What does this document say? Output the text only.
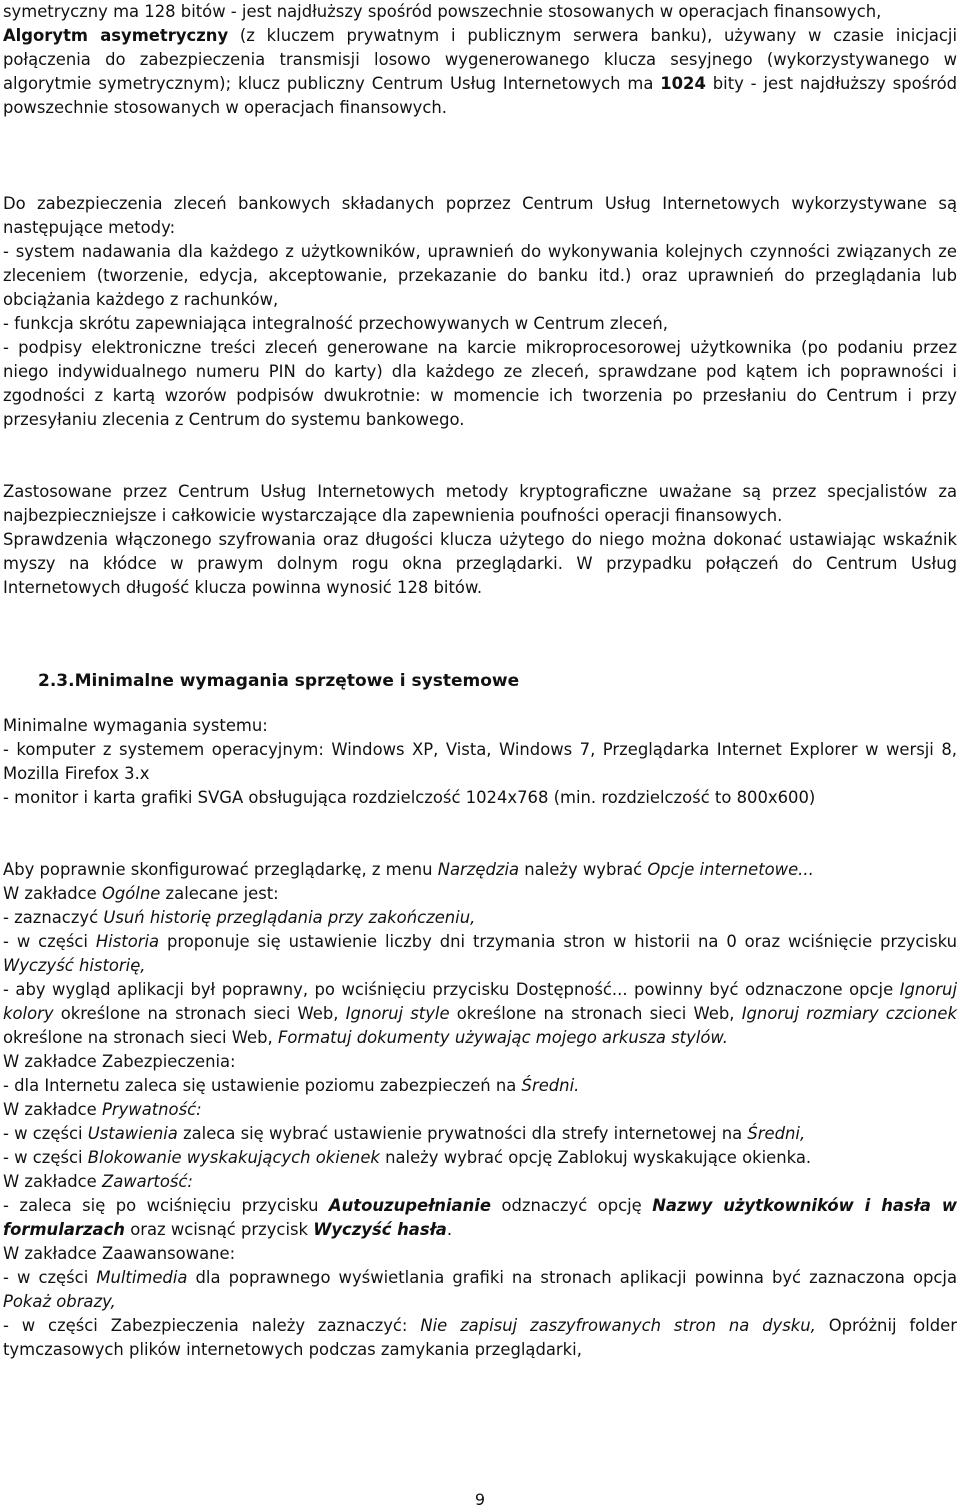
symetryczny ma 128 bitów - jest najdłuższy spośród powszechnie stosowanych w operacjach finansowych,
Algorytm asymetryczny (z kluczem prywatnym i publicznym serwera banku), używany w czasie inicjacji połączenia do zabezpieczenia transmisji losowo wygenerowanego klucza sesyjnego (wykorzystywanego w algorytmie symetrycznym); klucz publiczny Centrum Usług Internetowych ma 1024 bity - jest najdłuższy spośród powszechnie stosowanych w operacjach finansowych.

Do zabezpieczenia zleceń bankowych składanych poprzez Centrum Usług Internetowych wykorzystywane są następujące metody:
- system nadawania dla każdego z użytkowników, uprawnień do wykonywania kolejnych czynności związanych ze zleceniem (tworzenie, edycja, akceptowanie, przekazanie do banku itd.) oraz uprawnień do przeglądania lub obciążania każdego z rachunków,
- funkcja skrótu zapewniająca integralność przechowywanych w Centrum zleceń,
- podpisy elektroniczne treści zleceń generowane na karcie mikroprocesorowej użytkownika (po podaniu przez niego indywidualnego numeru PIN do karty) dla każdego ze zleceń, sprawdzane pod kątem ich poprawności i zgodności z kartą wzorów podpisów dwukrotnie: w momencie ich tworzenia po przesłaniu do Centrum i przy przesyłaniu zlecenia z Centrum do systemu bankowego.

Zastosowane przez Centrum Usług Internetowych metody kryptograficzne uważane są przez specjalistów za najbezpieczniejsze i całkowicie wystarczające dla zapewnienia poufności operacji finansowych.
Sprawdzenia włączonego szyfrowania oraz długości klucza użytego do niego można dokonać ustawiając wskaźnik myszy na kłódce w prawym dolnym rogu okna przeglądarki. W przypadku połączeń do Centrum Usług Internetowych długość klucza powinna wynosić 128 bitów.

2.3.Minimalne wymagania sprzętowe i systemowe

Minimalne wymagania systemu:
- komputer z systemem operacyjnym: Windows XP, Vista, Windows 7, Przeglądarka Internet Explorer w wersji 8, Mozilla Firefox 3.x
- monitor i karta grafiki SVGA obsługująca rozdzielczość 1024x768 (min. rozdzielczość to 800x600)

Aby poprawnie skonfigurować przeglądarkę, z menu Narzędzia należy wybrać Opcje internetowe...
W zakładce Ogólne zalecane jest:
- zaznaczyć Usuń historię przeglądania przy zakończeniu,
- w części Historia proponuje się ustawienie liczby dni trzymania stron w historii na 0 oraz wciśnięcie przycisku Wyczyść historię,
- aby wygląd aplikacji był poprawny, po wciśnięciu przycisku Dostępność... powinny być odznaczone opcje Ignoruj kolory określone na stronach sieci Web, Ignoruj style określone na stronach sieci Web, Ignoruj rozmiary czcionek określone na stronach sieci Web, Formatuj dokumenty używając mojego arkusza stylów.
W zakładce Zabezpieczenia:
- dla Internetu zaleca się ustawienie poziomu zabezpieczeń na Średni.
W zakładce Prywatność:
- w części Ustawienia zaleca się wybrać ustawienie prywatności dla strefy internetowej na Średni,
- w części Blokowanie wyskakujących okienek należy wybrać opcję Zablokuj wyskakujące okienka.
W zakładce Zawartość:
- zaleca się po wciśnięciu przycisku Autouzupełnianie odznaczyć opcję Nazwy użytkowników i hasła w formularzach oraz wcisnąć przycisk Wyczyść hasła.
W zakładce Zaawansowane:
- w części Multimedia dla poprawnego wyświetlania grafiki na stronach aplikacji powinna być zaznaczona opcja Pokaż obrazy,
- w części Zabezpieczenia należy zaznaczyć: Nie zapisuj zaszyfrowanych stron na dysku, Opróżnij folder tymczasowych plików internetowych podczas zamykania przeglądarki,

9
